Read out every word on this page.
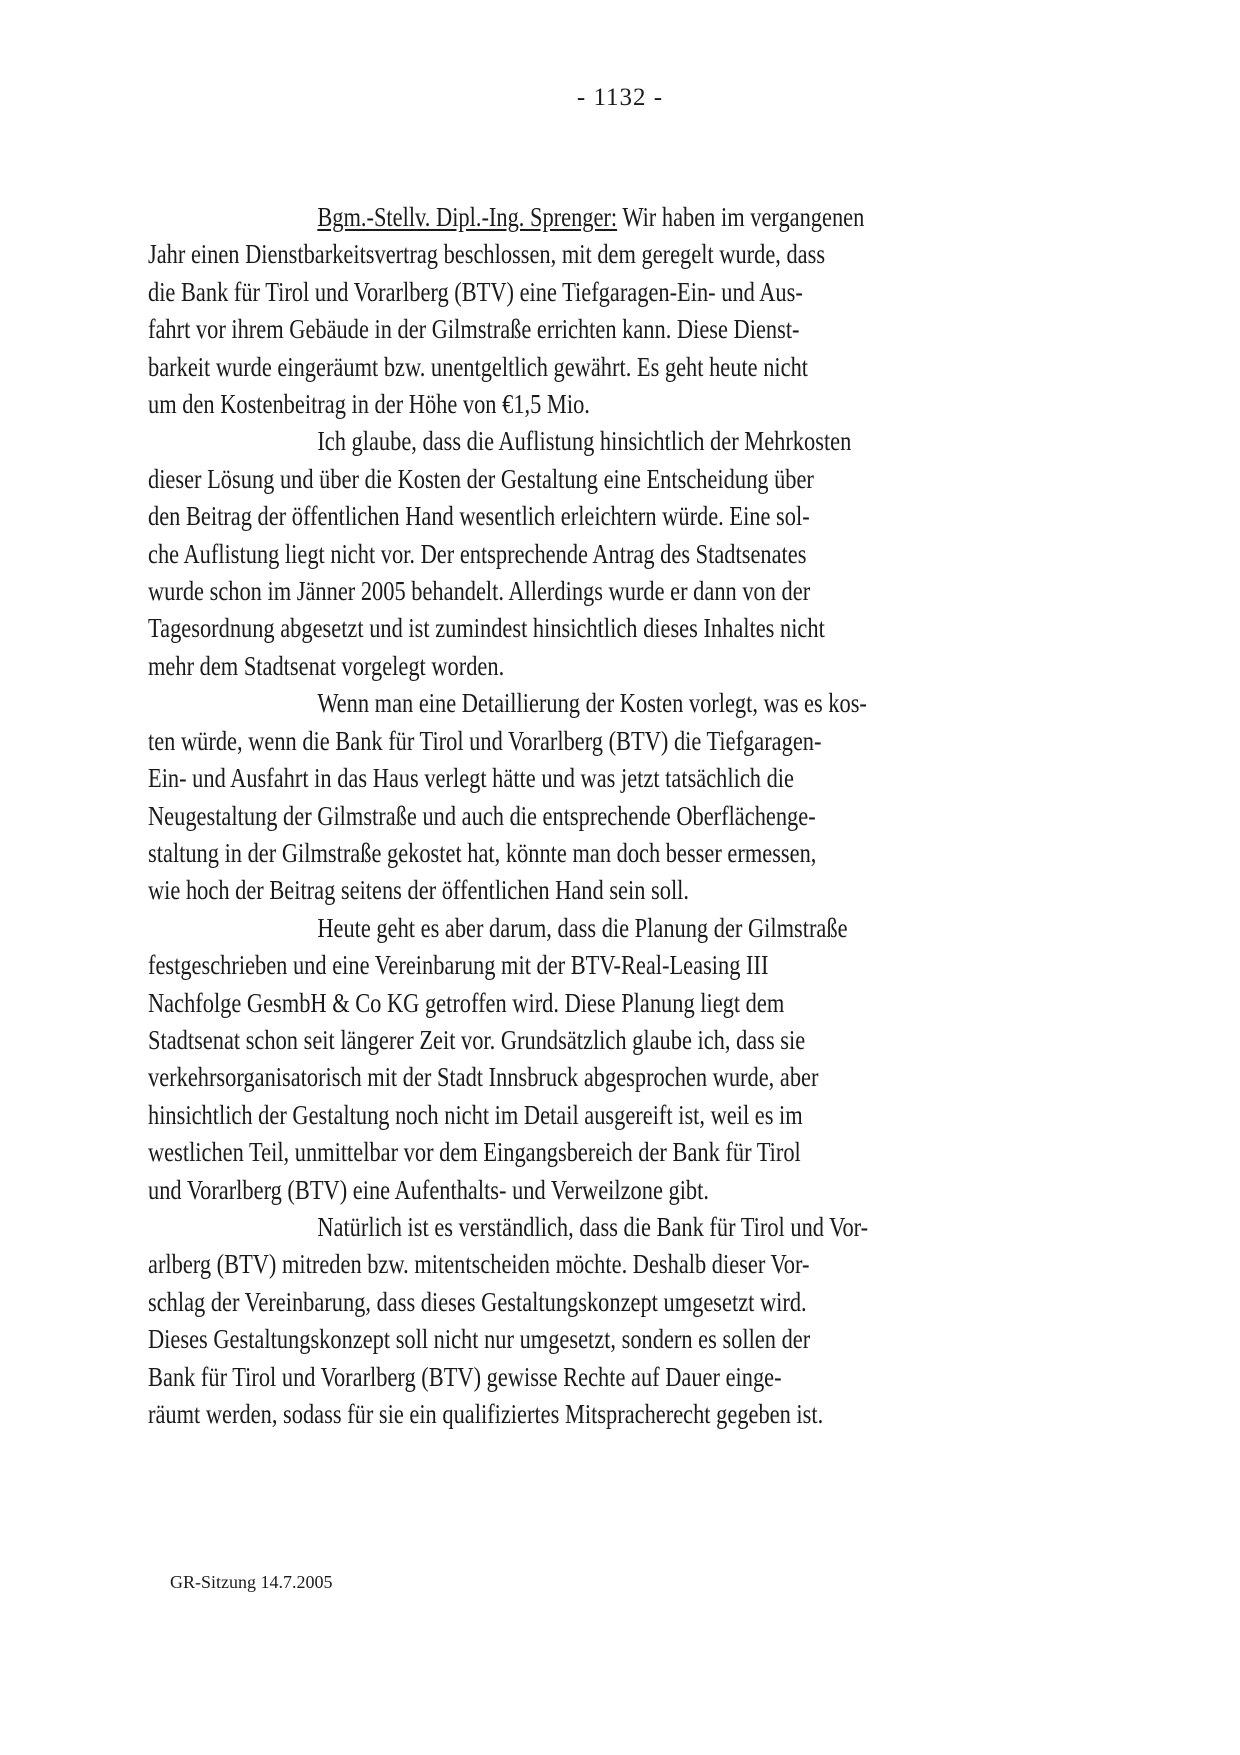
- 1132 -

Bgm.-Stellv. Dipl.-Ing. Sprenger: Wir haben im vergangenen
Jahr einen Dienstbarkeitsvertrag beschlossen, mit dem geregelt wurde, dass
die Bank für Tirol und Vorarlberg (BTV) eine Tiefgaragen-Ein- und Aus-
fahrt vor ihrem Gebäude in der Gilmstraße errichten kann. Diese Dienst-
barkeit wurde eingeräumt bzw. unentgeltlich gewährt. Es geht heute nicht
um den Kostenbeitrag in der Höhe von €1,5 Mio.

Ich glaube, dass die Auflistung hinsichtlich der Mehrkosten
dieser Lösung und über die Kosten der Gestaltung eine Entscheidung über
den Beitrag der öffentlichen Hand wesentlich erleichtern würde. Eine sol-
che Auflistung liegt nicht vor. Der entsprechende Antrag des Stadtsenates
wurde schon im Jänner 2005 behandelt. Allerdings wurde er dann von der
Tagesordnung abgesetzt und ist zumindest hinsichtlich dieses Inhaltes nicht
mehr dem Stadtsenat vorgelegt worden.

Wenn man eine Detaillierung der Kosten vorlegt, was es kos-
ten würde, wenn die Bank für Tirol und Vorarlberg (BTV) die Tiefgaragen-
Ein- und Ausfahrt in das Haus verlegt hätte und was jetzt tatsächlich die
Neugestaltung der Gilmstraße und auch die entsprechende Oberflächenge-
staltung in der Gilmstraße gekostet hat, könnte man doch besser ermessen,
wie hoch der Beitrag seitens der öffentlichen Hand sein soll.

Heute geht es aber darum, dass die Planung der Gilmstraße
festgeschrieben und eine Vereinbarung mit der BTV-Real-Leasing III
Nachfolge GesmbH & Co KG getroffen wird. Diese Planung liegt dem
Stadtsenat schon seit längerer Zeit vor. Grundsätzlich glaube ich, dass sie
verkehrsorganisatorisch mit der Stadt Innsbruck abgesprochen wurde, aber
hinsichtlich der Gestaltung noch nicht im Detail ausgereift ist, weil es im
westlichen Teil, unmittelbar vor dem Eingangsbereich der Bank für Tirol
und Vorarlberg (BTV) eine Aufenthalts- und Verweilzone gibt.

Natürlich ist es verständlich, dass die Bank für Tirol und Vor-
arlberg (BTV) mitreden bzw. mitentscheiden möchte. Deshalb dieser Vor-
schlag der Vereinbarung, dass dieses Gestaltungskonzept umgesetzt wird.
Dieses Gestaltungskonzept soll nicht nur umgesetzt, sondern es sollen der
Bank für Tirol und Vorarlberg (BTV) gewisse Rechte auf Dauer einge-
räumt werden, sodass für sie ein qualifiziertes Mitspracherecht gegeben ist.

GR-Sitzung 14.7.2005
